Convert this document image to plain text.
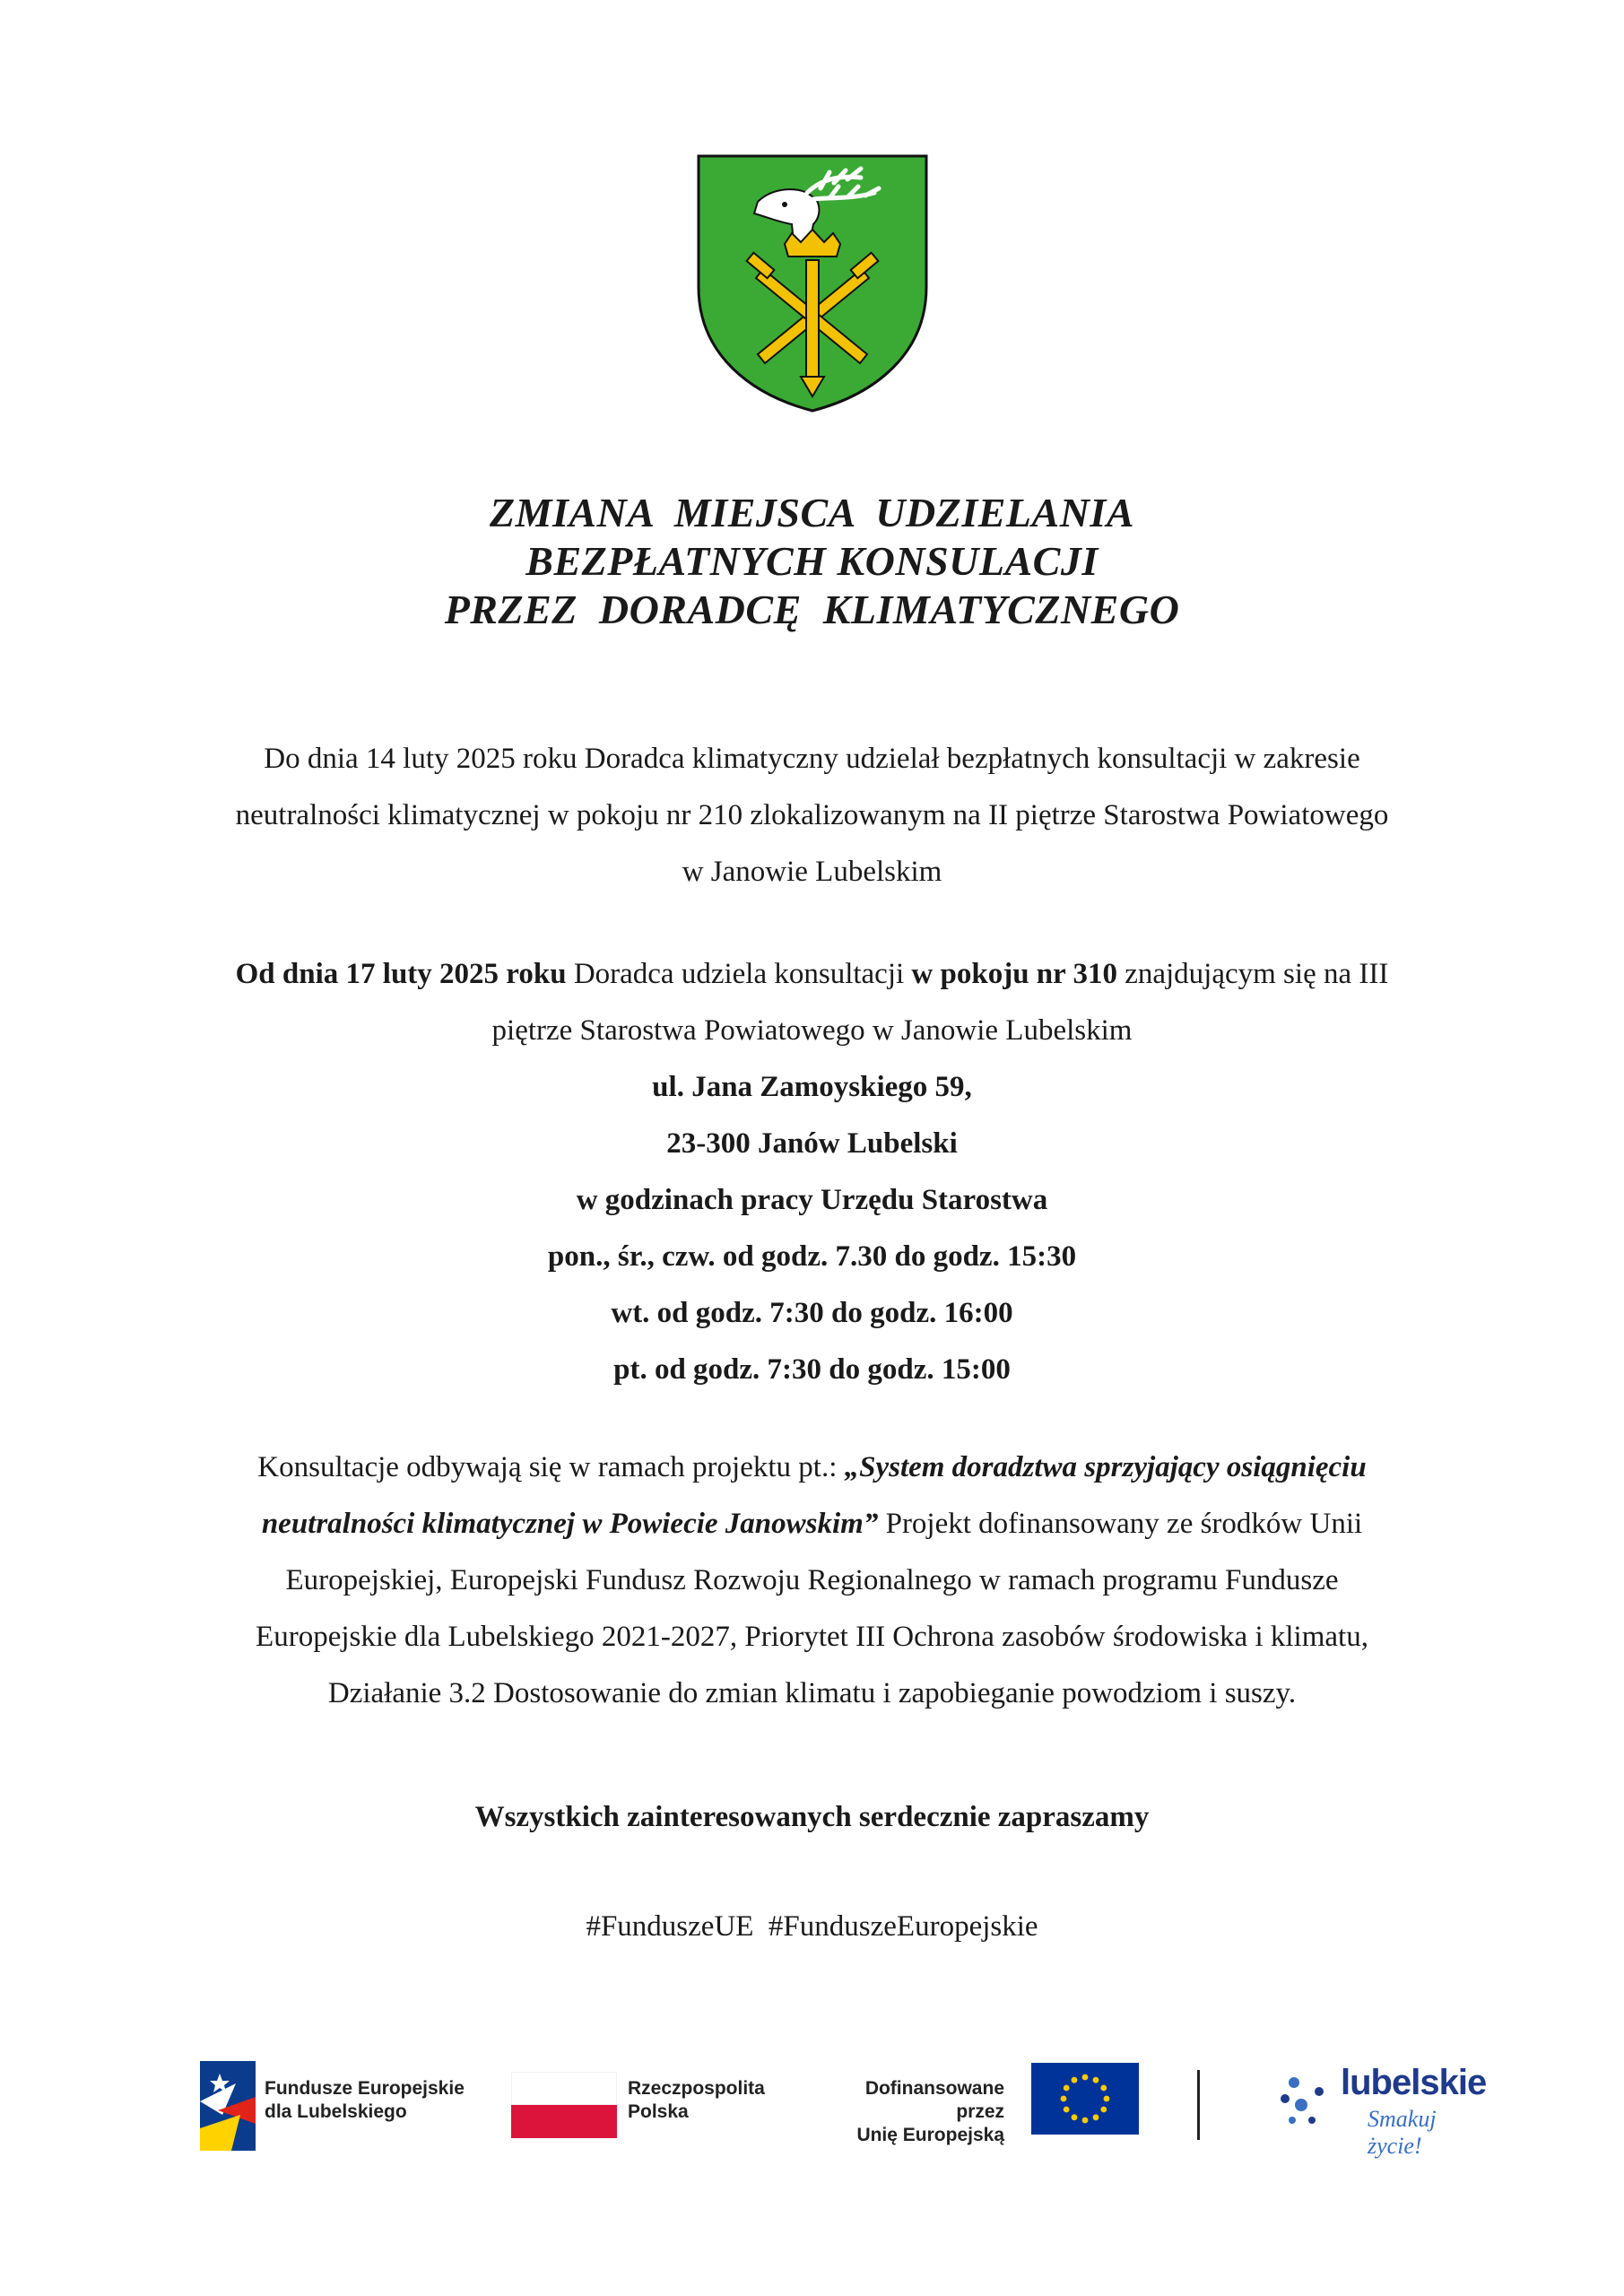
ZMIANA  MIEJSCA  UDZIELANIA
BEZPŁATNYCH KONSULACJI
PRZEZ  DORADCĘ  KLIMATYCZNEGO
Do dnia 14 luty 2025 roku Doradca klimatyczny udzielał bezpłatnych konsultacji w zakresie
neutralności klimatycznej w pokoju nr 210 zlokalizowanym na II piętrze Starostwa Powiatowego
w Janowie Lubelskim
Od dnia 17 luty 2025 roku Doradca udziela konsultacji w pokoju nr 310 znajdującym się na III
piętrze Starostwa Powiatowego w Janowie Lubelskim
ul. Jana Zamoyskiego 59,
23-300 Janów Lubelski
w godzinach pracy Urzędu Starostwa
pon., śr., czw. od godz. 7.30 do godz. 15:30
wt. od godz. 7:30 do godz. 16:00
pt. od godz. 7:30 do godz. 15:00
Konsultacje odbywają się w ramach projektu pt.: „System doradztwa sprzyjający osiągnięciu
neutralności klimatycznej w Powiecie Janowskim” Projekt dofinansowany ze środków Unii
Europejskiej, Europejski Fundusz Rozwoju Regionalnego w ramach programu Fundusze
Europejskie dla Lubelskiego 2021-2027, Priorytet III Ochrona zasobów środowiska i klimatu,
Działanie 3.2 Dostosowanie do zmian klimatu i zapobieganie powodziom i suszy.
Wszystkich zainteresowanych serdecznie zapraszamy
#FunduszeUE  #FunduszeEuropejskie
Fundusze Europejskie
dla Lubelskiego
Rzeczpospolita
Polska
Dofinansowane przez
Unię Europejską
lubelskie
Smakuj życie!
